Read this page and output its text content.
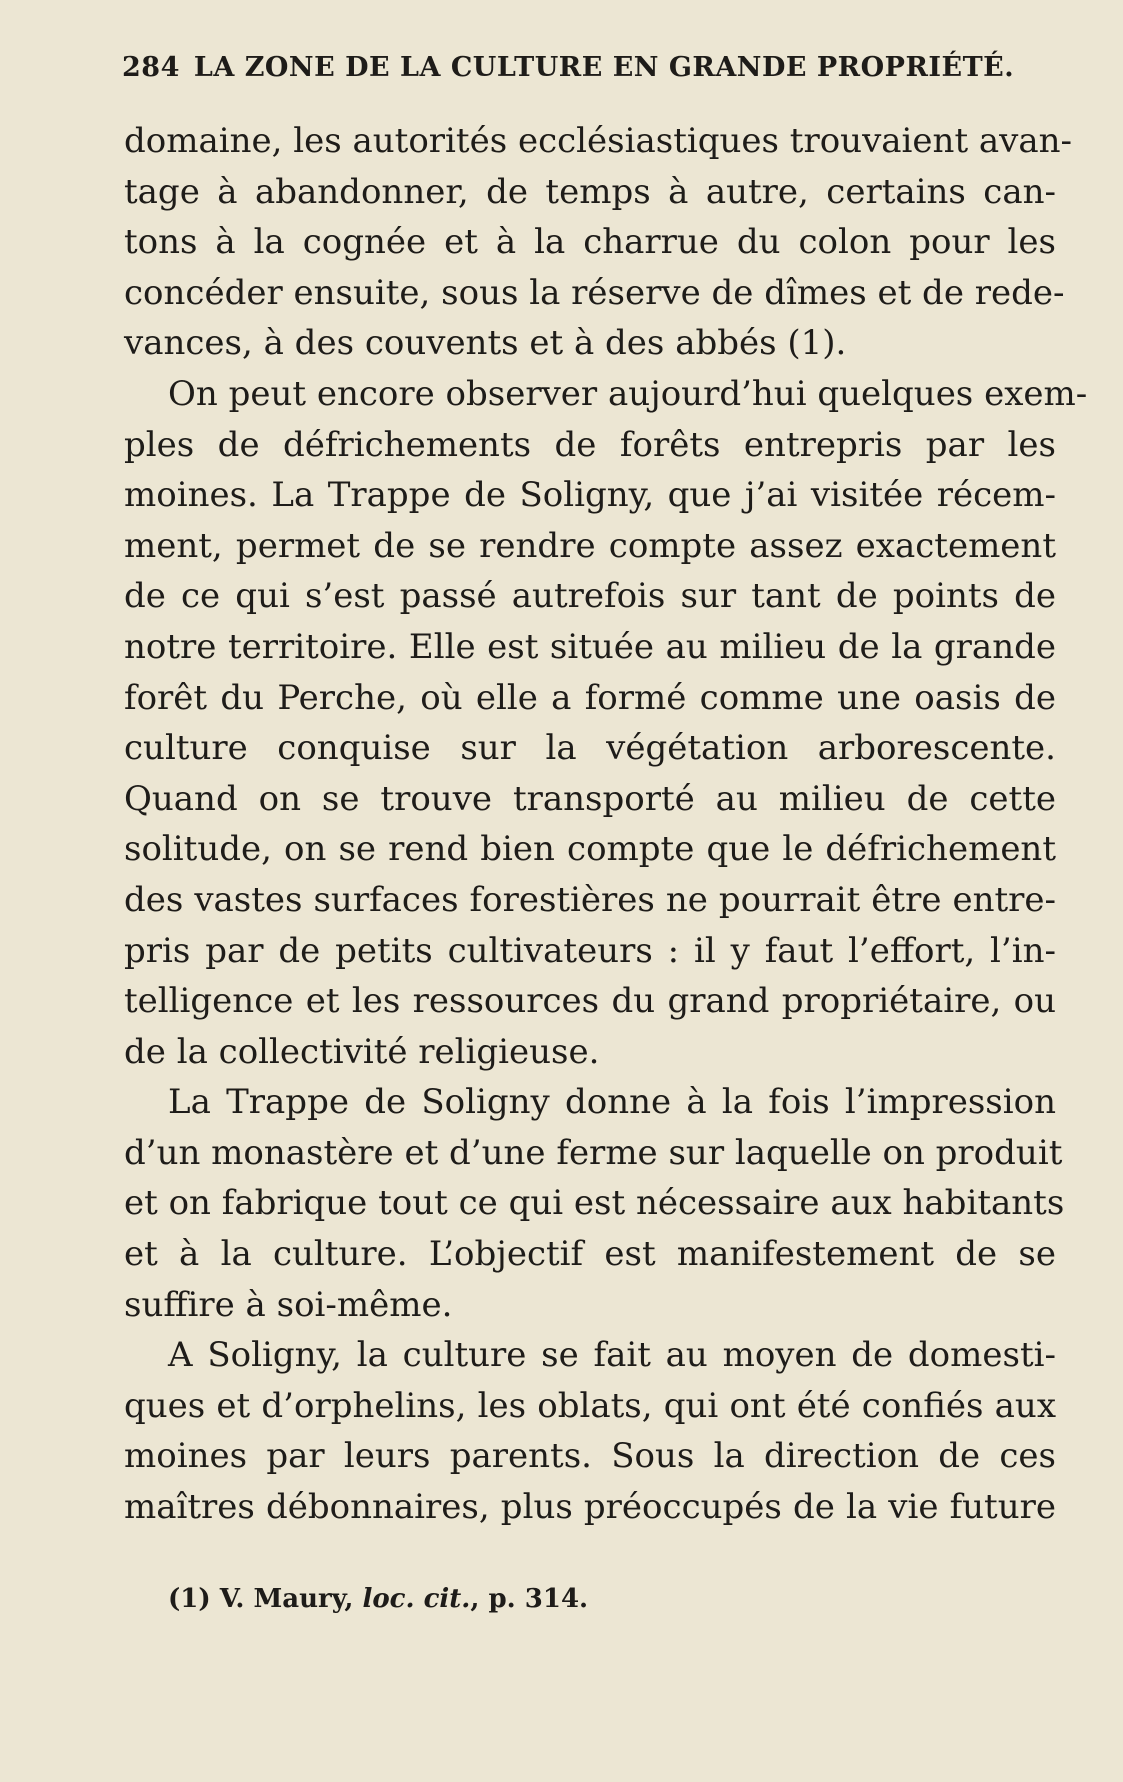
284 LA ZONE DE LA CULTURE EN GRANDE PROPRIÉTÉ.
domaine, les autorités ecclésiastiques trouvaient avan-
tage à abandonner, de temps à autre, certains can-
tons à la cognée et à la charrue du colon pour les
concéder ensuite, sous la réserve de dîmes et de rede-
vances, à des couvents et à des abbés (1).
On peut encore observer aujourd’hui quelques exem-
ples de défrichements de forêts entrepris par les
moines. La Trappe de Soligny, que j’ai visitée récem-
ment, permet de se rendre compte assez exactement
de ce qui s’est passé autrefois sur tant de points de
notre territoire. Elle est située au milieu de la grande
forêt du Perche, où elle a formé comme une oasis de
culture conquise sur la végétation arborescente.
Quand on se trouve transporté au milieu de cette
solitude, on se rend bien compte que le défrichement
des vastes surfaces forestières ne pourrait être entre-
pris par de petits cultivateurs : il y faut l’effort, l’in-
telligence et les ressources du grand propriétaire, ou
de la collectivité religieuse.
La Trappe de Soligny donne à la fois l’impression
d’un monastère et d’une ferme sur laquelle on produit
et on fabrique tout ce qui est nécessaire aux habitants
et à la culture. L’objectif est manifestement de se
suffire à soi-même.
A Soligny, la culture se fait au moyen de domesti-
ques et d’orphelins, les oblats, qui ont été confiés aux
moines par leurs parents. Sous la direction de ces
maîtres débonnaires, plus préoccupés de la vie future
(1) V. Maury, loc. cit., p. 314.
